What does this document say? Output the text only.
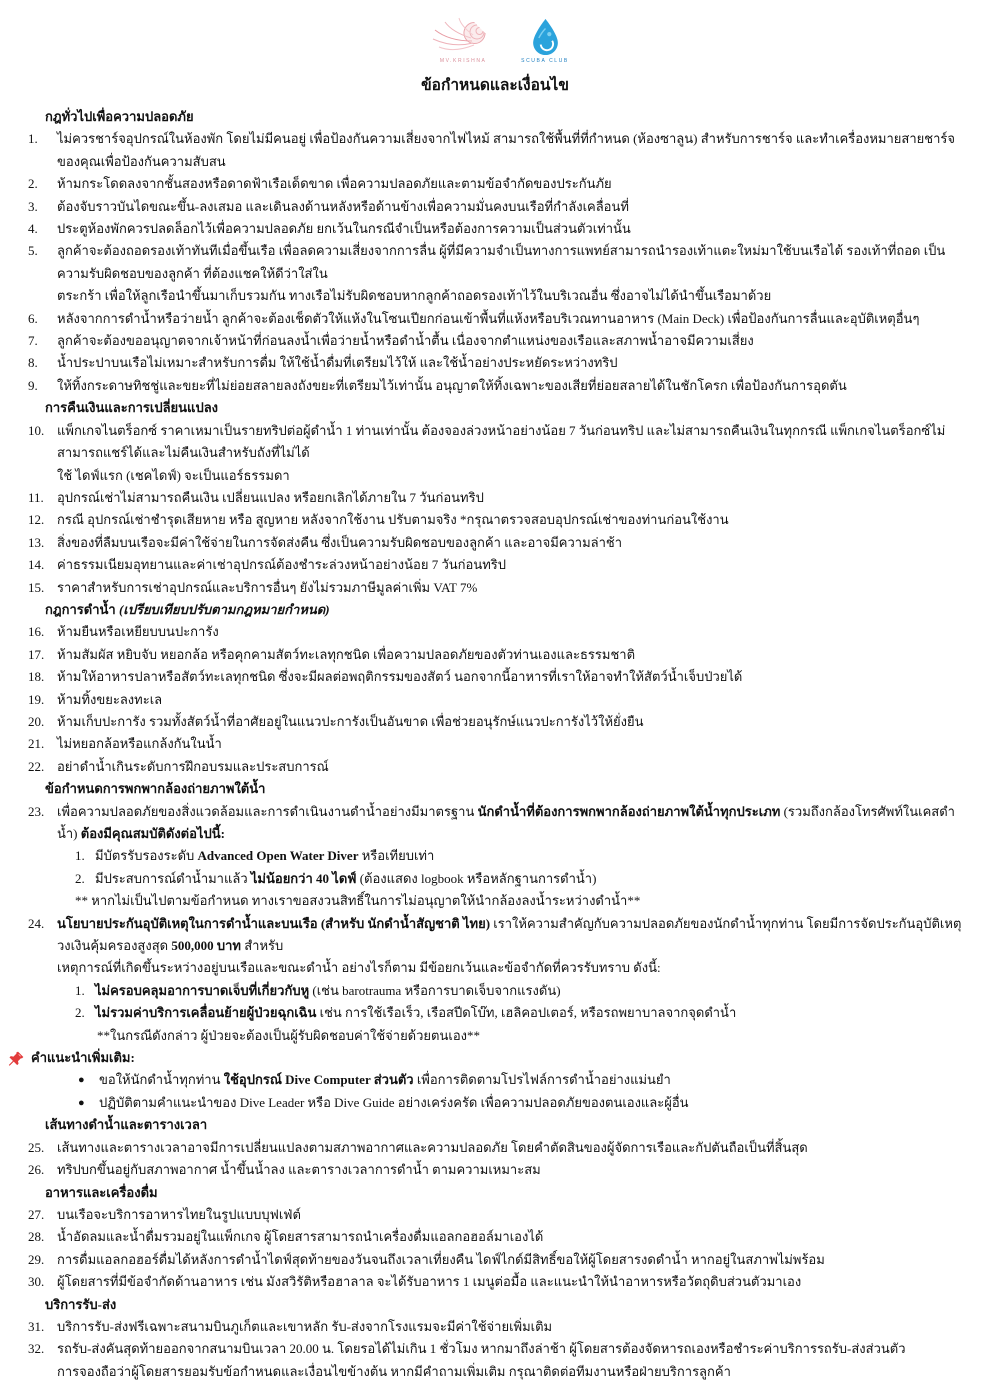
MV.KRISHNA	SCUBA CLUB
ข้อกำหนดและเงื่อนไข
กฎทั่วไปเพื่อความปลอดภัย
1. ไม่ควรชาร์จอุปกรณ์ในห้องพัก โดยไม่มีคนอยู่ เพื่อป้องกันความเสี่ยงจากไฟไหม้ สามารถใช้พื้นที่ที่กำหนด (ห้องซาลูน) สำหรับการชาร์จ และทำเครื่องหมายสายชาร์จของคุณเพื่อป้องกันความสับสน
2. ห้ามกระโดดลงจากชั้นสองหรือดาดฟ้าเรือเด็ดขาด เพื่อความปลอดภัยและตามข้อจำกัดของประกันภัย
3. ต้องจับราวบันไดขณะขึ้น-ลงเสมอ และเดินลงด้านหลังหรือด้านข้างเพื่อความมั่นคงบนเรือที่กำลังเคลื่อนที่
4. ประตูห้องพักควรปลดล็อกไว้เพื่อความปลอดภัย ยกเว้นในกรณีจำเป็นหรือต้องการความเป็นส่วนตัวเท่านั้น
5. ลูกค้าจะต้องถอดรองเท้าทันทีเมื่อขึ้นเรือ เพื่อลดความเสี่ยงจากการลื่น ผู้ที่มีความจำเป็นทางการแพทย์สามารถนำรองเท้าแตะใหม่มาใช้บนเรือได้ รองเท้าที่ถอด เป็นความรับผิดชอบของลูกค้า ที่ต้องแชคให้ดีว่าใส่ใน
ตระกร้า เพื่อให้ลูกเรือนำขึ้นมาเก็บรวมกัน ทางเรือไม่รับผิดชอบหากลูกค้าถอดรองเท้าไว้ในบริเวณอื่น ซึ่งอาจไม่ได้นำขึ้นเรือมาด้วย
6. หลังจากการดำน้ำหรือว่ายน้ำ ลูกค้าจะต้องเช็ดตัวให้แห้งในโซนเปียกก่อนเข้าพื้นที่แห้งหรือบริเวณทานอาหาร (Main Deck) เพื่อป้องกันการลื่นและอุบัติเหตุอื่นๆ
7. ลูกค้าจะต้องขออนุญาตจากเจ้าหน้าที่ก่อนลงน้ำเพื่อว่ายน้ำหรือดำน้ำตื้น เนื่องจากตำแหน่งของเรือและสภาพน้ำอาจมีความเสี่ยง
8. น้ำประปาบนเรือไม่เหมาะสำหรับการดื่ม ให้ใช้น้ำดื่มที่เตรียมไว้ให้ และใช้น้ำอย่างประหยัดระหว่างทริป
9. ให้ทิ้งกระดาษทิชชู่และขยะที่ไม่ย่อยสลายลงถังขยะที่เตรียมไว้เท่านั้น อนุญาตให้ทิ้งเฉพาะของเสียที่ย่อยสลายได้ในชักโครก เพื่อป้องกันการอุดตัน
การคืนเงินและการเปลี่ยนแปลง
10. แพ็กเกจไนตร็อกซ์ ราคาเหมาเป็นรายทริปต่อผู้ดำน้ำ 1 ท่านเท่านั้น ต้องจองล่วงหน้าอย่างน้อย 7 วันก่อนทริป และไม่สามารถคืนเงินในทุกกรณี แพ็กเกจไนตร็อกซ์ไม่สามารถแชร์ได้และไม่คืนเงินสำหรับถังที่ไม่ได้
ใช้ ไดฟ์แรก (เชคไดฟ์) จะเป็นแอร์ธรรมดา
11. อุปกรณ์เช่าไม่สามารถคืนเงิน เปลี่ยนแปลง หรือยกเลิกได้ภายใน 7 วันก่อนทริป
12. กรณี อุปกรณ์เช่าชำรุดเสียหาย หรือ สูญหาย หลังจากใช้งาน ปรับตามจริง *กรุณาตรวจสอบอุปกรณ์เช่าของท่านก่อนใช้งาน
13. สิ่งของที่ลืมบนเรือจะมีค่าใช้จ่ายในการจัดส่งคืน ซึ่งเป็นความรับผิดชอบของลูกค้า และอาจมีความล่าช้า
14. ค่าธรรมเนียมอุทยานและค่าเช่าอุปกรณ์ต้องชำระล่วงหน้าอย่างน้อย 7 วันก่อนทริป
15. ราคาสำหรับการเช่าอุปกรณ์และบริการอื่นๆ ยังไม่รวมภาษีมูลค่าเพิ่ม VAT 7%
กฎการดำน้ำ (เปรียบเทียบปรับตามกฎหมายกำหนด)
16. ห้ามยืนหรือเหยียบบนปะการัง
17. ห้ามสัมผัส หยิบจับ หยอกล้อ หรือคุกคามสัตว์ทะเลทุกชนิด เพื่อความปลอดภัยของตัวท่านเองและธรรมชาติ
18. ห้ามให้อาหารปลาหรือสัตว์ทะเลทุกชนิด ซึ่งจะมีผลต่อพฤติกรรมของสัตว์ นอกจากนี้อาหารที่เราให้อาจทำให้สัตว์น้ำเจ็บป่วยได้
19. ห้ามทิ้งขยะลงทะเล
20. ห้ามเก็บปะการัง รวมทั้งสัตว์น้ำที่อาศัยอยู่ในแนวปะการังเป็นอันขาด เพื่อช่วยอนุรักษ์แนวปะการังไว้ให้ยั่งยืน
21. ไม่หยอกล้อหรือแกล้งกันในน้ำ
22. อย่าดำน้ำเกินระดับการฝึกอบรมและประสบการณ์
ข้อกำหนดการพกพากล้องถ่ายภาพใต้น้ำ
23. เพื่อความปลอดภัยของสิ่งแวดล้อมและการดำเนินงานดำน้ำอย่างมีมาตรฐาน นักดำน้ำที่ต้องการพกพากล้องถ่ายภาพใต้น้ำทุกประเภท (รวมถึงกล้องโทรศัพท์ในเคสดำน้ำ) ต้องมีคุณสมบัติดังต่อไปนี้:
1. มีบัตรรับรองระดับ Advanced Open Water Diver หรือเทียบเท่า
2. มีประสบการณ์ดำน้ำมาแล้ว ไม่น้อยกว่า 40 ไดฟ์ (ต้องแสดง logbook หรือหลักฐานการดำน้ำ)
** หากไม่เป็นไปตามข้อกำหนด ทางเราขอสงวนสิทธิ์ในการไม่อนุญาตให้นำกล้องลงน้ำระหว่างดำน้ำ**
24. นโยบายประกันอุบัติเหตุในการดำน้ำและบนเรือ (สำหรับ นักดำน้ำสัญชาติ ไทย) เราให้ความสำคัญกับความปลอดภัยของนักดำน้ำทุกท่าน โดยมีการจัดประกันอุบัติเหตุวงเงินคุ้มครองสูงสุด 500,000 บาท สำหรับ
เหตุการณ์ที่เกิดขึ้นระหว่างอยู่บนเรือและขณะดำน้ำ อย่างไรก็ตาม มีข้อยกเว้นและข้อจำกัดที่ควรรับทราบ ดังนี้:
1. ไม่ครอบคลุมอาการบาดเจ็บที่เกี่ยวกับหู (เช่น barotrauma หรือการบาดเจ็บจากแรงดัน)
2. ไม่รวมค่าบริการเคลื่อนย้ายผู้ป่วยฉุกเฉิน เช่น การใช้เรือเร็ว, เรือสปีดโบ๊ท, เฮลิคอปเตอร์, หรือรถพยาบาลจากจุดดำน้ำ
**ในกรณีดังกล่าว ผู้ป่วยจะต้องเป็นผู้รับผิดชอบค่าใช้จ่ายด้วยตนเอง**
คำแนะนำเพิ่มเติม:
● ขอให้นักดำน้ำทุกท่าน ใช้อุปกรณ์ Dive Computer ส่วนตัว เพื่อการติดตามโปรไฟล์การดำน้ำอย่างแม่นยำ
● ปฏิบัติตามคำแนะนำของ Dive Leader หรือ Dive Guide อย่างเคร่งครัด เพื่อความปลอดภัยของตนเองและผู้อื่น
เส้นทางดำน้ำและตารางเวลา
25. เส้นทางและตารางเวลาอาจมีการเปลี่ยนแปลงตามสภาพอากาศและความปลอดภัย โดยคำตัดสินของผู้จัดการเรือและกัปตันถือเป็นที่สิ้นสุด
26. ทริปบกขึ้นอยู่กับสภาพอากาศ น้ำขึ้นน้ำลง และตารางเวลาการดำน้ำ ตามความเหมาะสม
อาหารและเครื่องดื่ม
27. บนเรือจะบริการอาหารไทยในรูปแบบบุฟเฟ่ต์
28. น้ำอัดลมและน้ำดื่มรวมอยู่ในแพ็กเกจ ผู้โดยสารสามารถนำเครื่องดื่มแอลกอฮอล์มาเองได้
29. การดื่มแอลกอฮอร์ดื่มได้หลังการดำน้ำไดฟ์สุดท้ายของวันจนถึงเวลาเที่ยงคืน ไดฟ์ไกด์มีสิทธิ์ขอให้ผู้โดยสารงดดำน้ำ หากอยู่ในสภาพไม่พร้อม
30. ผู้โดยสารที่มีข้อจำกัดด้านอาหาร เช่น มังสวิรัติหรือฮาลาล จะได้รับอาหาร 1 เมนูต่อมื้อ และแนะนำให้นำอาหารหรือวัตถุดิบส่วนตัวมาเอง
บริการรับ-ส่ง
31. บริการรับ-ส่งฟรีเฉพาะสนามบินภูเก็ตและเขาหลัก รับ-ส่งจากโรงแรมจะมีค่าใช้จ่ายเพิ่มเติม
32. รถรับ-ส่งคันสุดท้ายออกจากสนามบินเวลา 20.00 น. โดยรอได้ไม่เกิน 1 ชั่วโมง หากมาถึงล่าช้า ผู้โดยสารต้องจัดหารถเองหรือชำระค่าบริการรถรับ-ส่งส่วนตัว
การจองถือว่าผู้โดยสารยอมรับข้อกำหนดและเงื่อนไขข้างต้น หากมีคำถามเพิ่มเติม กรุณาติดต่อทีมงานหรือฝ่ายบริการลูกค้า
